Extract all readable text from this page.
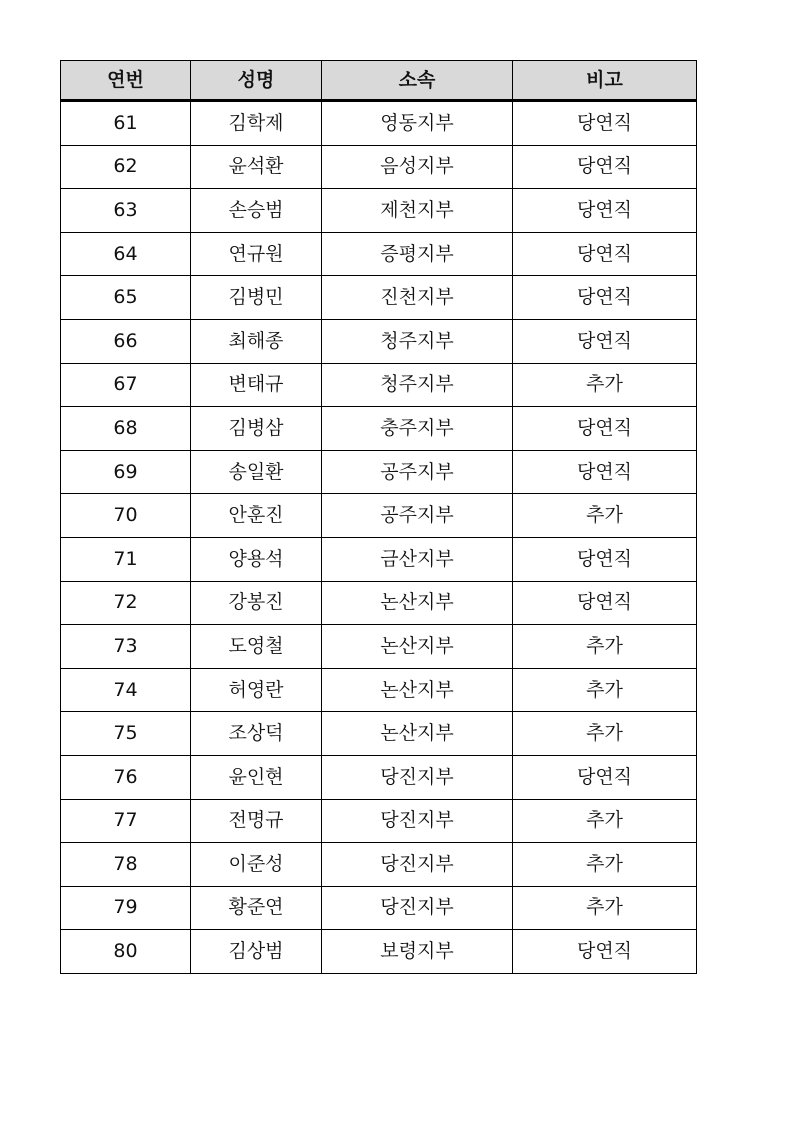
연번	성명	소속	비고
61	김학제	영동지부	당연직
62	윤석환	음성지부	당연직
63	손승범	제천지부	당연직
64	연규원	증평지부	당연직
65	김병민	진천지부	당연직
66	최해종	청주지부	당연직
67	변태규	청주지부	추가
68	김병삼	충주지부	당연직
69	송일환	공주지부	당연직
70	안훈진	공주지부	추가
71	양용석	금산지부	당연직
72	강봉진	논산지부	당연직
73	도영철	논산지부	추가
74	허영란	논산지부	추가
75	조상덕	논산지부	추가
76	윤인현	당진지부	당연직
77	전명규	당진지부	추가
78	이준성	당진지부	추가
79	황준연	당진지부	추가
80	김상범	보령지부	당연직
